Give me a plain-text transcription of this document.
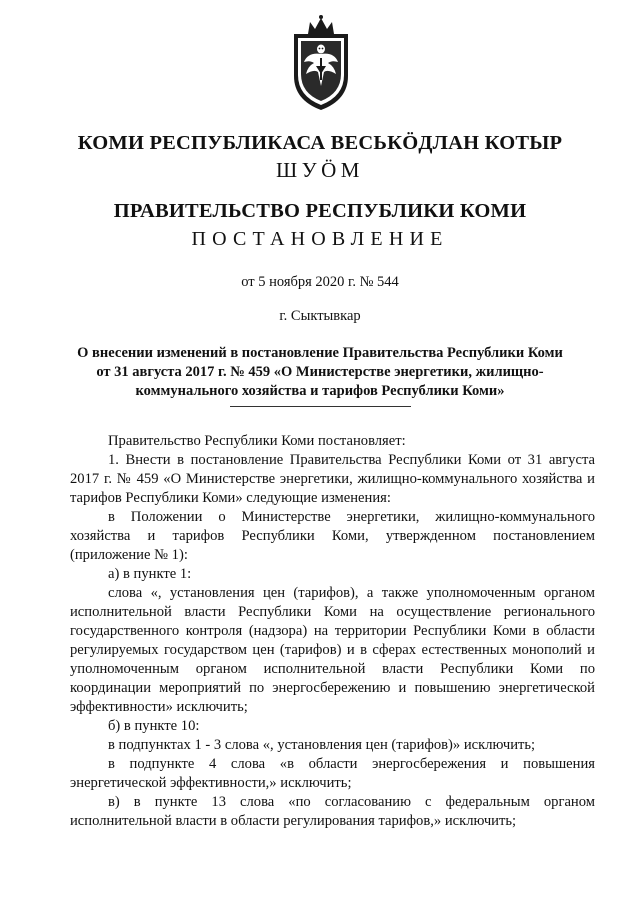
КОМИ РЕСПУБЛИКАСА ВЕСЬКӦДЛАН КОТЫР
ШУӦМ
ПРАВИТЕЛЬСТВО РЕСПУБЛИКИ КОМИ
ПОСТАНОВЛЕНИЕ
от 5 ноября 2020 г. № 544
г. Сыктывкар
О внесении изменений в постановление Правительства Республики Коми
от 31 августа 2017 г. № 459 «О Министерстве энергетики, жилищно-
коммунального хозяйства и тарифов Республики Коми»

Правительство Республики Коми постановляет:

1. Внести в постановление Правительства Республики Коми от 31 августа 2017 г. № 459 «О Министерстве энергетики, жилищно-коммунального хозяйства и тарифов Республики Коми» следующие изменения:

в Положении о Министерстве энергетики, жилищно-коммунального хозяйства и тарифов Республики Коми, утвержденном постановлением (приложение № 1):

а) в пункте 1:

слова «, установления цен (тарифов), а также уполномоченным органом исполнительной власти Республики Коми на осуществление регионального государственного контроля (надзора) на территории Республики Коми в области регулируемых государством цен (тарифов) и в сферах естественных монополий и уполномоченным органом исполнительной власти Республики Коми по координации мероприятий по энергосбережению и повышению энергетической эффективности» исключить;

б) в пункте 10:

в подпунктах 1 - 3 слова «, установления цен (тарифов)» исключить;

в подпункте 4 слова «в области энергосбережения и повышения энергетической эффективности,» исключить;

в) в пункте 13 слова «по согласованию с федеральным органом исполнительной власти в области регулирования тарифов,» исключить;
